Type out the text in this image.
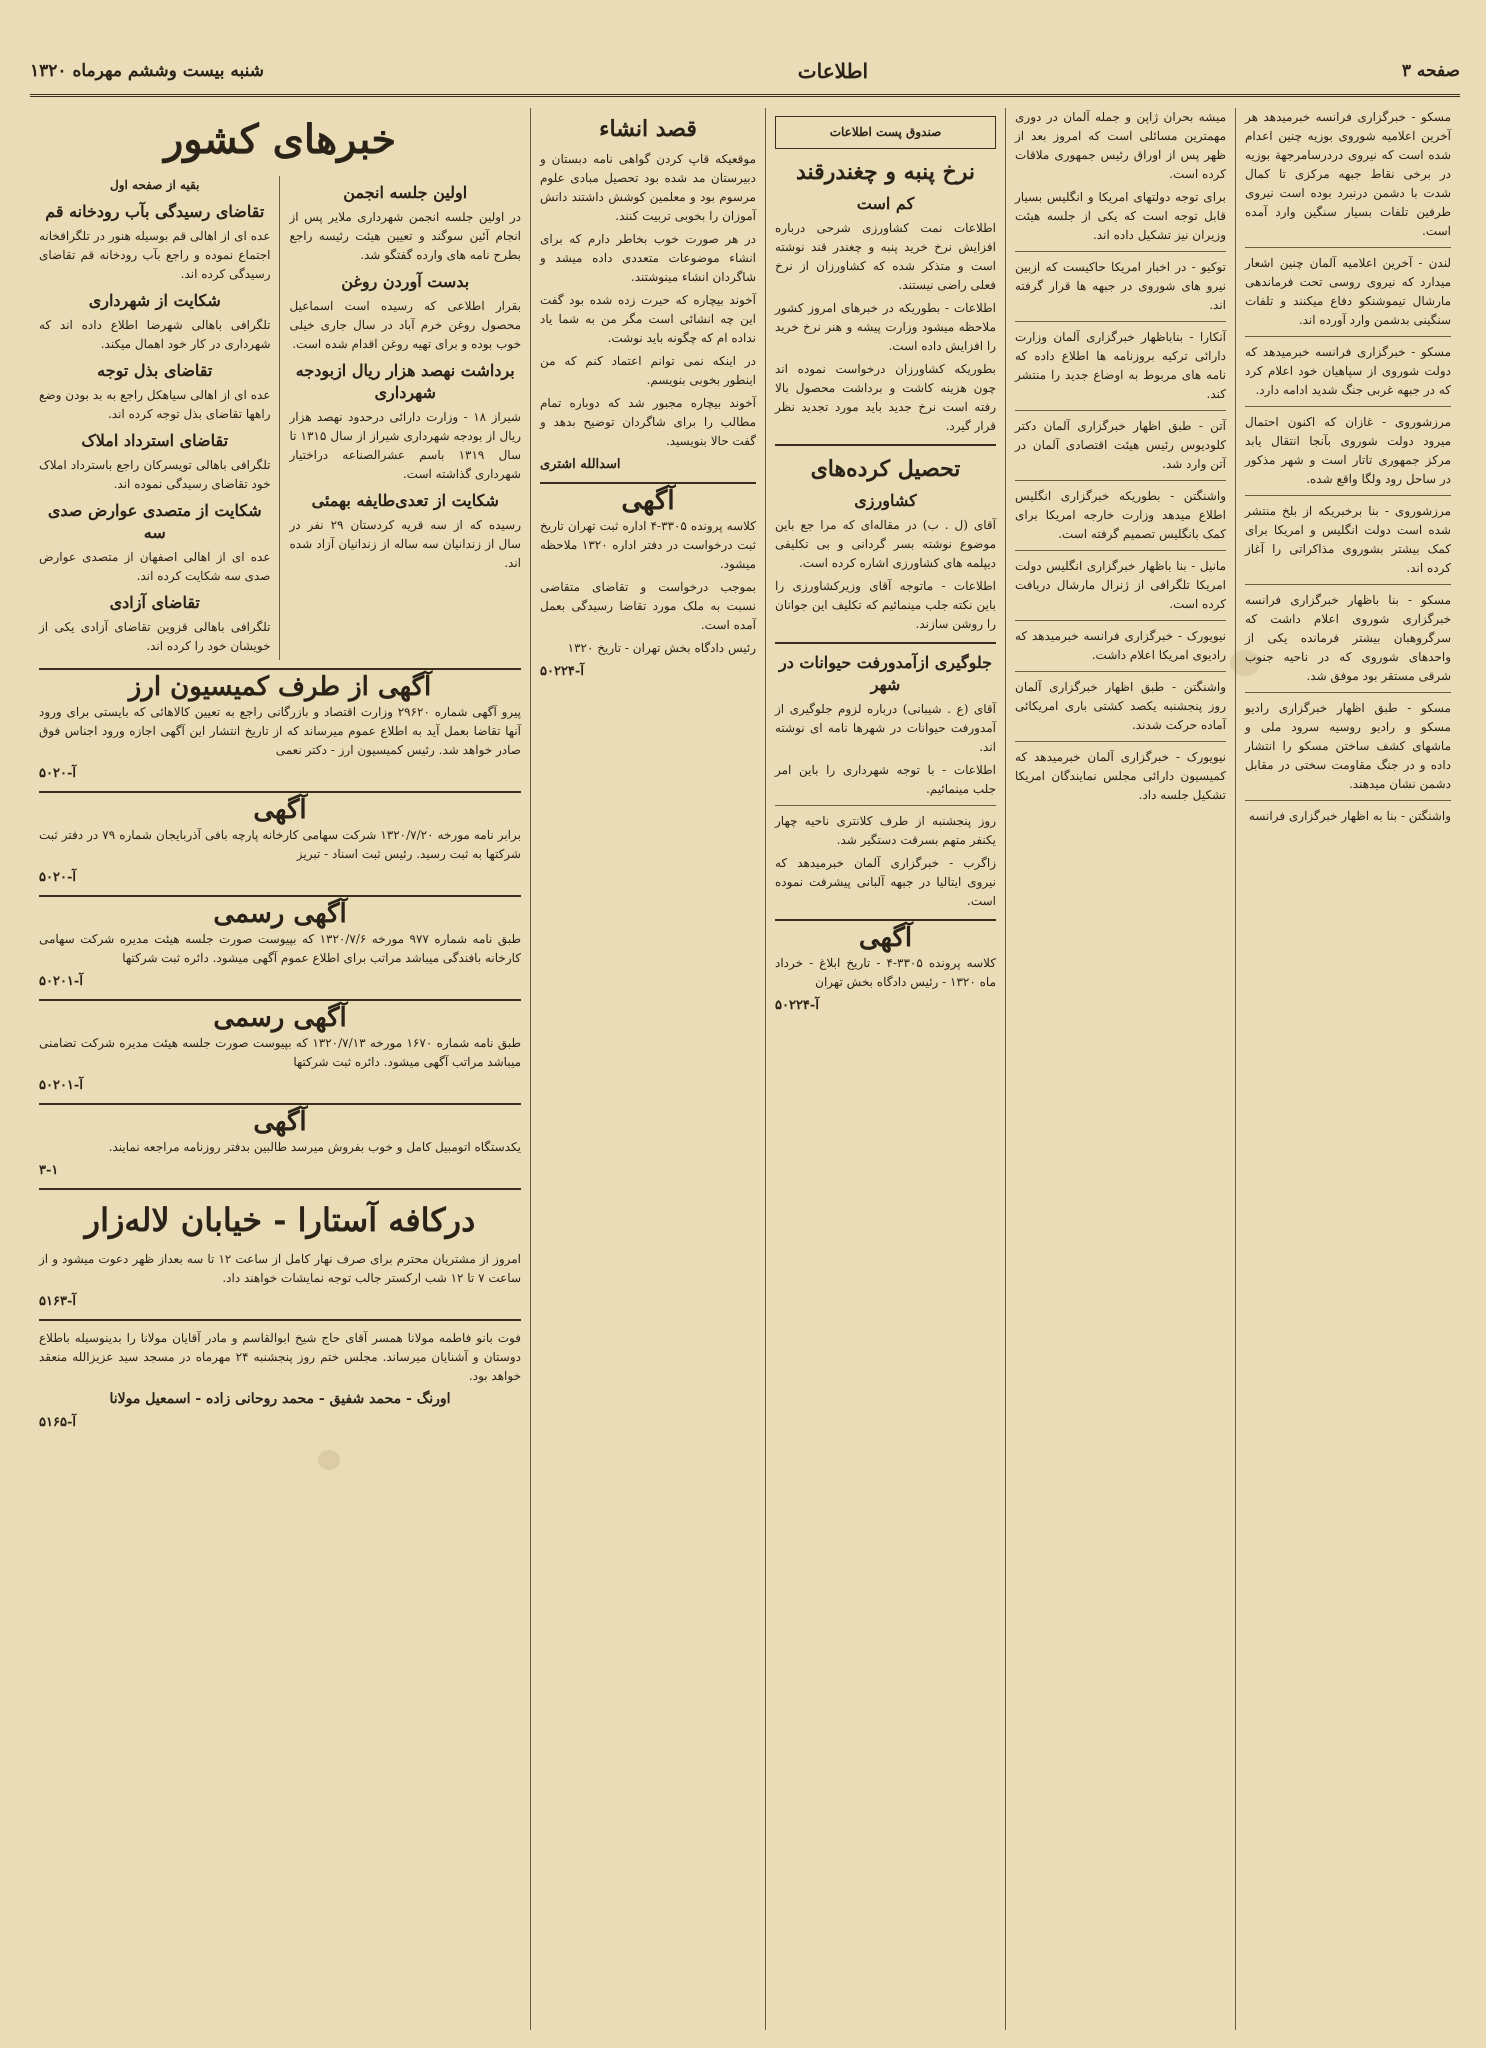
صفحه ۳
اطلاعات
شنبه بیست وششم مهرماه ۱۳۲۰

مسکو - خبرگزاری فرانسه خبرمیدهد هر آخرین اعلامیه شوروی بوزیه چنین اعدام شده است که نیروی دردرسامرجهة بوزیه در برخی نقاط جبهه مرکزی تا کمال شدت با دشمن درنبرد بوده است نیروی طرفین تلفات بسیار سنگین وارد آمده است.

لندن - آخرین اعلامیه آلمان چنین اشعار میدارد که نیروی روسی تحت فرماندهی مارشال تیموشنکو دفاع میکنند و تلفات سنگینی بدشمن وارد آورده اند.

مسکو - خبرگزاری فرانسه خبرمیدهد که دولت شوروی از سپاهیان خود اعلام کرد که در جبهه غربی جنگ شدید ادامه دارد.

مرزشوروی - غازان که اکنون احتمال میرود دولت شوروی بآنجا انتقال یابد مرکز جمهوری تاتار است و شهر مذکور در ساحل رود ولگا واقع شده.

مرزشوروی - بنا برخبریکه از بلخ منتشر شده است دولت انگلیس و امریکا برای کمک بیشتر بشوروی مذاکراتی را آغاز کرده اند.

مسکو - بنا باظهار خبرگزاری فرانسه خبرگزاری شوروی اعلام داشت که سرگروهبان بیشتر فرمانده یکی از واحدهای شوروی که در ناحیه جنوب شرقی مستقر بود موفق شد.

مسکو - طبق اظهار خبرگزاری رادیو مسکو و رادیو روسیه سرود ملی و ماشهای کشف ساختن مسکو را انتشار داده و در جنگ مقاومت سختی در مقابل دشمن نشان میدهند.

واشنگتن - بنا به اظهار خبرگزاری فرانسه

میشه بحران ژاپن و جمله آلمان در دوری مهمترین مسائلی است که امروز بعد از ظهر پس از اوراق رئیس جمهوری ملاقات کرده است.

برای توجه دولتهای امریکا و انگلیس بسیار قابل توجه است که یکی از جلسه هیئت وزیران نیز تشکیل داده اند.

توکیو - در اخبار امریکا حاکیست که ازبین نیرو های شوروی در جبهه ها قرار گرفته اند.

آنکارا - بناباظهار خبرگزاری آلمان وزارت دارائی ترکیه بروزنامه ها اطلاع داده که نامه های مربوط به اوضاع جدید را منتشر کند.

آتن - طبق اظهار خبرگزاری آلمان دکتر کلودیوس رئیس هیئت اقتصادی آلمان در آتن وارد شد.

واشنگتن - بطوریکه خبرگزاری انگلیس اطلاع میدهد وزارت خارجه امریکا برای کمک بانگلیس تصمیم گرفته است.

مانیل - بنا باظهار خبرگزاری انگلیس دولت امریکا تلگرافی از ژنرال مارشال دریافت کرده است.

نیویورک - خبرگزاری فرانسه خبرمیدهد که رادیوی امریکا اعلام داشت.

واشنگتن - طبق اظهار خبرگزاری آلمان روز پنجشنبه یکصد کشتی باری امریکائی آماده حرکت شدند.

نیویورک - خبرگزاری آلمان خبرمیدهد که کمیسیون دارائی مجلس نمایندگان امریکا تشکیل جلسه داد.

صندوق پست اطلاعات
نرخ پنبه و چغندرقند
کم است

اطلاعات نمت کشاورزی شرحی درباره افزایش نرخ خرید پنبه و چغندر قند نوشته است و متذکر شده که کشاورزان از نرخ فعلی راضی نیستند.

اطلاعات - بطوریکه در خبرهای امروز کشور ملاحظه میشود وزارت پیشه و هنر نرخ خرید را افزایش داده است.

بطوریکه کشاورزان درخواست نموده اند چون هزینه کاشت و برداشت محصول بالا رفته است نرخ جدید باید مورد تجدید نظر قرار گیرد.

تحصیل کرده‌های
کشاورزی

آقای (ل . ب) در مقاله‌ای که مرا جع باین موضوع نوشته بسر گردانی و بی تکلیفی دیپلمه های کشاورزی اشاره کرده است.

اطلاعات - ماتوجه آقای وزیرکشاورزی را باین نکته جلب مینمائیم که تکلیف این جوانان را روشن سازند.

جلوگیری ازآمدورفت حیوانات در شهر

آقای (ع . شیبانی) درباره لزوم جلوگیری از آمدورفت حیوانات در شهرها نامه ای نوشته اند.

اطلاعات - با توجه شهرداری را باین امر جلب مینمائیم.

روز پنجشنبه از طرف کلانتری ناحیه چهار یکنفر متهم بسرقت دستگیر شد.

زاگرب - خبرگزاری آلمان خبرمیدهد که نیروی ایتالیا در جبهه آلبانی پیشرفت نموده است.

آگهی

کلاسه پرونده ۳۳۰۵-۴ - تاریخ ابلاغ - خرداد ماه ۱۳۲۰ - رئیس دادگاه بخش تهران

آ-۵۰۲۲۴
قصد انشاء

موقعیکه قاپ کردن گواهی نامه دبستان و دبیرستان مد شده بود تحصیل مبادی علوم مرسوم بود و معلمین کوشش داشتند دانش آموزان را بخوبی تربیت کنند.

در هر صورت خوب بخاطر دارم که برای انشاء موضوعات متعددی داده میشد و شاگردان انشاء مینوشتند.

آخوند بیچاره که حیرت زده شده بود گفت این چه انشائی است مگر من به شما یاد نداده ام که چگونه باید نوشت.

در اینکه نمی توانم اعتماد کنم که من اینطور بخوبی بنویسم.

آخوند بیچاره مجبور شد که دوباره تمام مطالب را برای شاگردان توضیح بدهد و گفت حالا بنویسید.

اسدالله اشتری
آگهی

کلاسه پرونده ۳۳۰۵-۴ اداره ثبت تهران تاریخ ثبت درخواست در دفتر اداره ۱۳۲۰ ملاحظه میشود.

بموجب درخواست و تقاضای متقاضی نسبت به ملک مورد تقاضا رسیدگی بعمل آمده است.

رئیس دادگاه بخش تهران - تاریخ ۱۳۲۰

آ-۵۰۲۲۴
خبرهای کشور
اولین جلسه انجمن

در اولین جلسه انجمن شهرداری ملایر پس از انجام آئین سوگند و تعیین هیئت رئیسه راجع بطرح نامه های وارده گفتگو شد.

بدست آوردن روغن

بقرار اطلاعی که رسیده است اسماعیل محصول روغن خرم آباد در سال جاری خیلی خوب بوده و برای تهیه روغن اقدام شده است.

برداشت نهصد هزار ریال ازبودجه شهرداری

شیراز ۱۸ - وزارت دارائی درحدود نهصد هزار ریال از بودجه شهرداری شیراز از سال ۱۳۱۵ تا سال ۱۳۱۹ باسم عشرالصناعه دراختیار شهرداری گذاشته است.

شکایت از تعدی‌طایفه بهمئی

رسیده که از سه قریه کردستان ۲۹ نفر در سال از زندانیان سه ساله از زندانیان آزاد شده اند.

بقیه از صفحه اول
تقاضای رسیدگی بآب رودخانه قم

عده ای از اهالی قم بوسیله هنور در تلگرافخانه اجتماع نموده و راجع بآب رودخانه قم تقاضای رسیدگی کرده اند.

شکایت از شهرداری

تلگرافی باهالی شهرضا اطلاع داده اند که شهرداری در کار خود اهمال میکند.

تقاضای بذل توجه

عده ای از اهالی سیاهکل راجع به بد بودن وضع راهها تقاضای بذل توجه کرده اند.

تقاضای استرداد املاک

تلگرافی باهالی تویسرکان راجع باسترداد املاک خود تقاضای رسیدگی نموده اند.

شکایت از متصدی عوارض صدی سه

عده ای از اهالی اصفهان از متصدی عوارض صدی سه شکایت کرده اند.

تقاضای آزادی

تلگرافی باهالی قزوین تقاضای آزادی یکی از خویشان خود را کرده اند.

آگهی از طرف کمیسیون ارز

پیرو آگهی شماره ۲۹۶۲۰ وزارت اقتصاد و بازرگانی راجع به تعیین کالاهائی که بایستی برای ورود آنها تقاضا بعمل آید به اطلاع عموم میرساند که از تاریخ انتشار این آگهی اجازه ورود اجناس فوق صادر خواهد شد. رئیس کمیسیون ارز - دکتر نعمی

آ-۵۰۲۰
آگهی

برابر نامه مورخه ۱۳۲۰/۷/۲۰ شرکت سهامی کارخانه پارچه بافی آذربایجان شماره ۷۹ در دفتر ثبت شرکتها به ثبت رسید. رئیس ثبت اسناد - تبریز

آ-۵۰۲۰
آگهی رسمی

طبق نامه شماره ۹۷۷ مورخه ۱۳۲۰/۷/۶ که بپیوست صورت جلسه هیئت مدیره شرکت سهامی کارخانه بافندگی میباشد مراتب برای اطلاع عموم آگهی میشود. دائره ثبت شرکتها

آ-۵۰۲۰۱
آگهی رسمی

طبق نامه شماره ۱۶۷۰ مورخه ۱۳۲۰/۷/۱۳ که بپیوست صورت جلسه هیئت مدیره شرکت تضامنی میباشد مراتب آگهی میشود. دائره ثبت شرکتها

آ-۵۰۲۰۱
آگهی

یکدستگاه اتومبیل کامل و خوب بفروش میرسد طالبین بدفتر روزنامه مراجعه نمایند.

۳-۱
درکافه آستارا - خیابان لاله‌زار

امروز از مشتریان محترم برای صرف نهار کامل از ساعت ۱۲ تا سه بعداز ظهر دعوت میشود و از ساعت ۷ تا ۱۲ شب ارکستر جالب توجه نمایشات خواهند داد.

آ-۵۱۶۳

فوت بانو فاطمه مولانا همسر آقای حاج شیخ ابوالقاسم و مادر آقایان مولانا را بدینوسیله باطلاع دوستان و آشنایان میرساند. مجلس ختم روز پنجشنبه ۲۴ مهرماه در مسجد سید عزیزالله منعقد خواهد بود.

اورنگ - محمد شفیق - محمد روحانی زاده - اسمعیل مولانا
آ-۵۱۶۵
